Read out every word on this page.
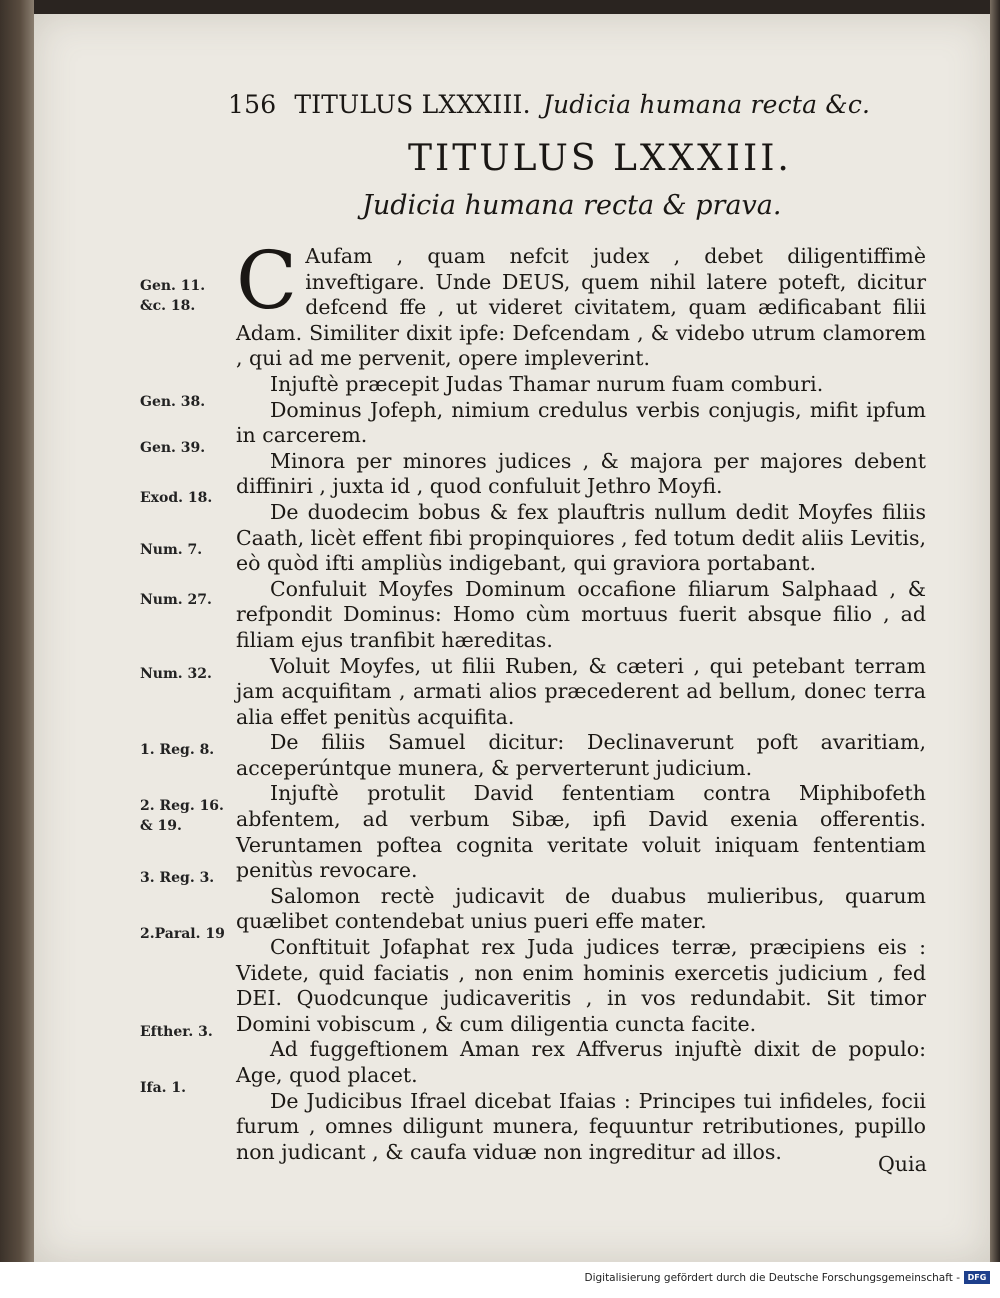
156 TITULUS LXXXIII. Judicia humana recta &c.
TITULUS LXXXIII.
Judicia humana recta & prava.

C Aufam , quam nefcit judex , debet diligentiffimè inveftigare. Unde DEUS, quem nihil latere poteft, dicitur defcend ffe , ut videret civitatem, quam ædificabant filii Adam. Similiter dixit ipfe: Defcendam , & videbo utrum clamorem , qui ad me pervenit, opere impleverint.

Injuftè præcepit Judas Thamar nurum fuam comburi.

Dominus Jofeph, nimium credulus verbis conjugis, mifit ipfum in carcerem.

Minora per minores judices , & majora per majores debent diffiniri , juxta id , quod confuluit Jethro Moyfi.

De duodecim bobus & fex plauftris nullum dedit Moyfes filiis Caath, licèt effent fibi propinquiores , fed totum dedit aliis Levitis, eò quòd ifti ampliùs indigebant, qui graviora portabant.

Confuluit Moyfes Dominum occafione filiarum Salphaad , & refpondit Dominus: Homo cùm mortuus fuerit absque filio , ad filiam ejus tranfibit hæreditas.

Voluit Moyfes, ut filii Ruben, & cæteri , qui petebant terram jam acquifitam , armati alios præcederent ad bellum, donec terra alia effet penitùs acquifita.

De filiis Samuel dicitur: Declinaverunt poft avaritiam, acceperúntque munera, & perverterunt judicium.

Injuftè protulit David fententiam contra Miphibofeth abfentem, ad verbum Sibæ, ipfi David exenia offerentis. Veruntamen poftea cognita veritate voluit iniquam fententiam penitùs revocare.

Salomon rectè judicavit de duabus mulieribus, quarum quælibet contendebat unius pueri effe mater.

Conftituit Jofaphat rex Juda judices terræ, præcipiens eis : Videte, quid faciatis , non enim hominis exercetis judicium , fed DEI. Quodcunque judicaveritis , in vos redundabit. Sit timor Domini vobiscum , & cum diligentia cuncta facite.

Ad fuggeftionem Aman rex Affverus injuftè dixit de populo: Age, quod placet.

De Judicibus Ifrael dicebat Ifaias : Principes tui infideles, focii furum , omnes diligunt munera, fequuntur retributiones, pupillo non judicant , & caufa viduæ non ingreditur ad illos.

Gen. 11.
&c. 18.
Gen. 38.
Gen. 39.
Exod. 18.
Num. 7.
Num. 27.
Num. 32.
1. Reg. 8.
2. Reg. 16.
& 19.
3. Reg. 3.
2.Paral. 19
Efther. 3.
Ifa. 1.
Quia
Digitalisierung gefördert durch die Deutsche Forschungsgemeinschaft - DFG
